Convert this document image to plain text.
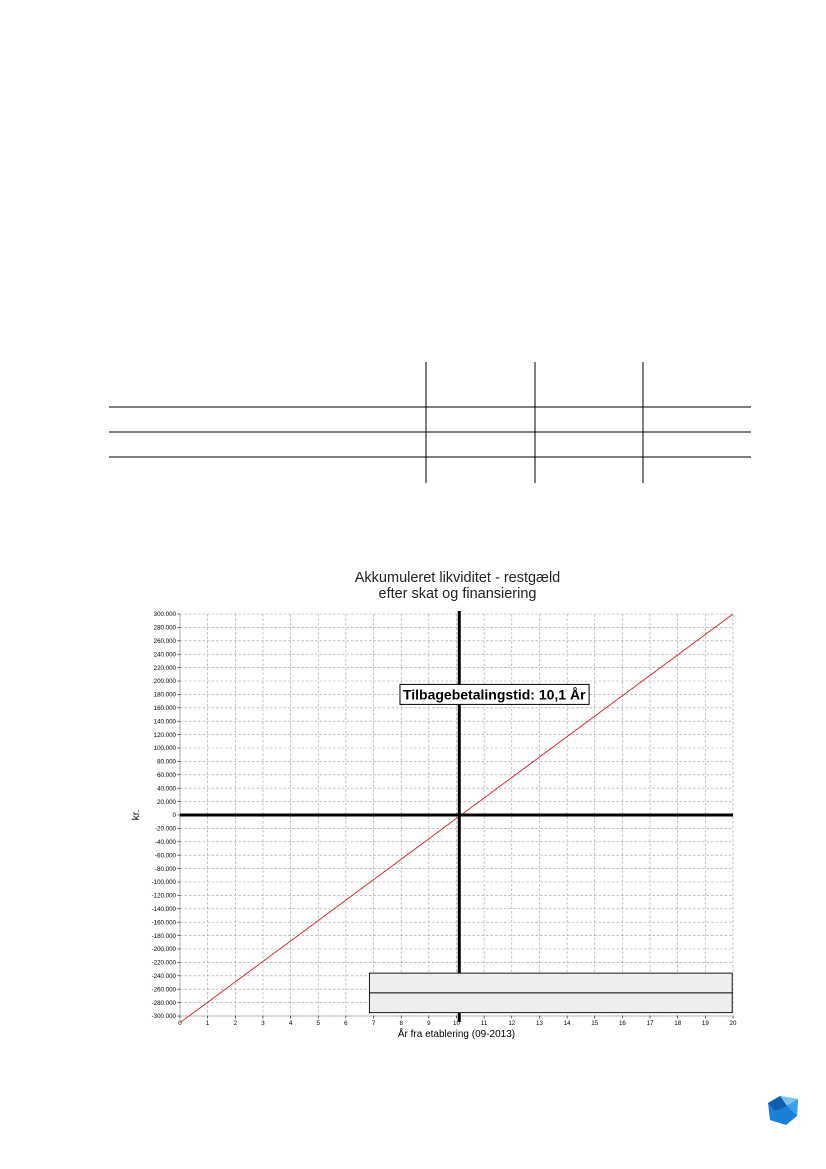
Akkumuleret likviditet - restgæld
efter skat og finansiering
300.000
280.000
260.000
240.000
220.000
200.000
180.000
160.000
140.000
120.000
100.000
80.000
60.000
40.000
20.000
0
-20.000
-40.000
-60.000
-80.000
-100.000
-120.000
-140.000
-160.000
-180.000
-200.000
-220.000
-240.000
-260.000
-280.000
-300.000
0	1	2	3	4	5	6	7	8	9	10	11	12	13	14	15	16	17	18	19	20
Tilbagebetalingstid: 10,1 År
kr.
År fra etablering (09-2013)
